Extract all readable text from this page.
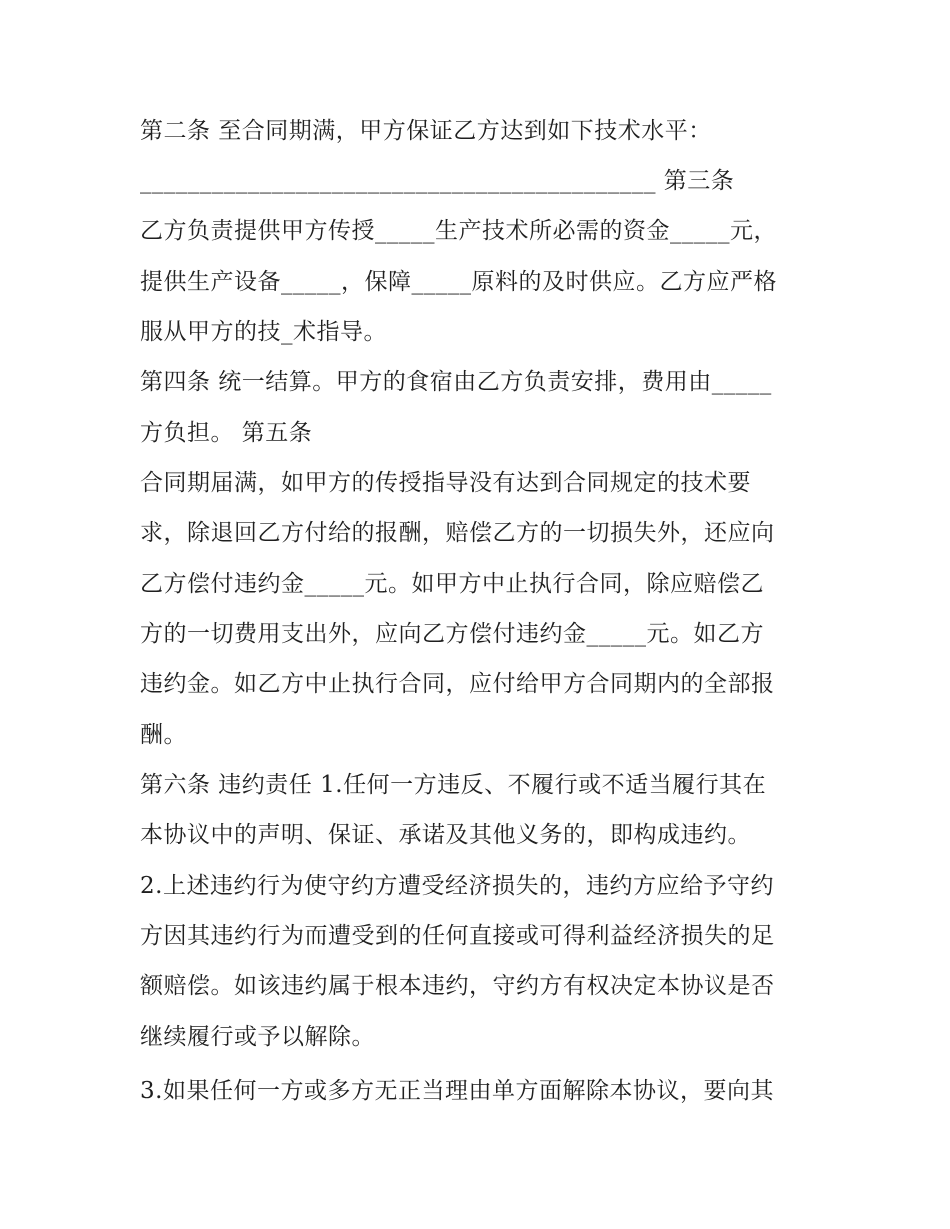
第二条 至合同期满，甲方保证乙方达到如下技术水平：
___________________________________________ 第三条
乙方负责提供甲方传授_____生产技术所必需的资金_____元，
提供生产设备_____，保障_____原料的及时供应。乙方应严格
服从甲方的技_术指导。
第四条 统一结算。甲方的食宿由乙方负责安排，费用由_____
方负担。 第五条
合同期届满，如甲方的传授指导没有达到合同规定的技术要
求，除退回乙方付给的报酬，赔偿乙方的一切损失外，还应向
乙方偿付违约金_____元。如甲方中止执行合同，除应赔偿乙
方的一切费用支出外，应向乙方偿付违约金_____元。如乙方
违约金。如乙方中止执行合同，应付给甲方合同期内的全部报
酬。
第六条 违约责任 1.任何一方违反、不履行或不适当履行其在
本协议中的声明、保证、承诺及其他义务的，即构成违约。
2.上述违约行为使守约方遭受经济损失的，违约方应给予守约
方因其违约行为而遭受到的任何直接或可得利益经济损失的足
额赔偿。如该违约属于根本违约，守约方有权决定本协议是否
继续履行或予以解除。
3.如果任何一方或多方无正当理由单方面解除本协议，要向其
